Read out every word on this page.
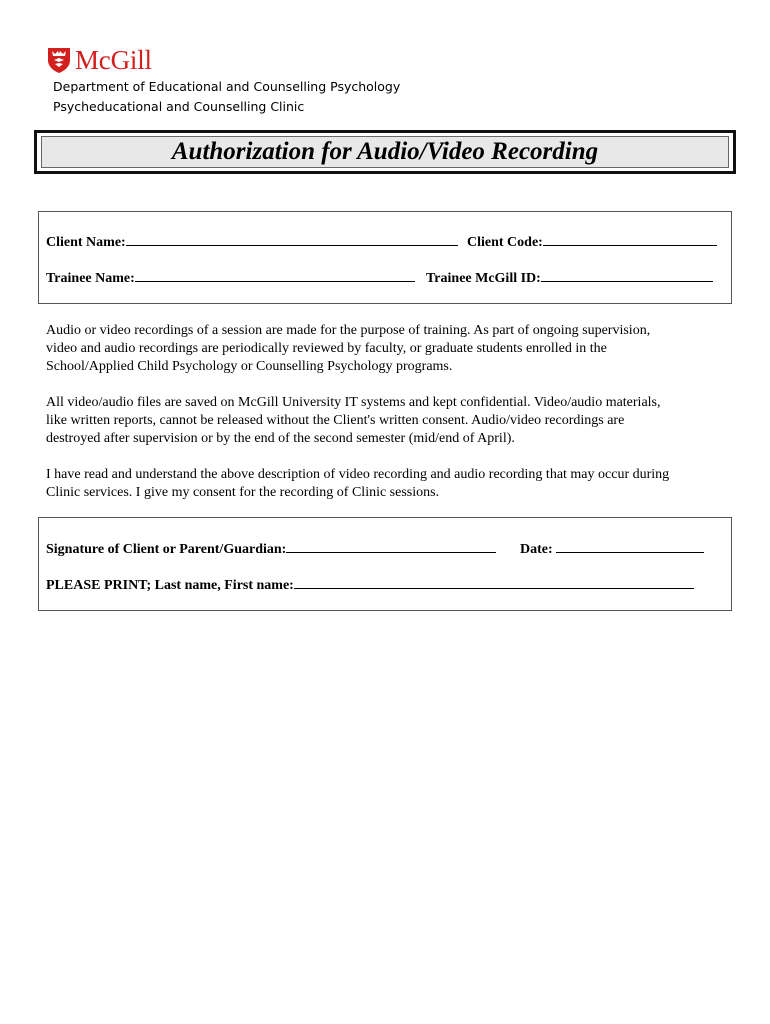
McGill
Department of Educational and Counselling Psychology
Psycheducational and Counselling Clinic
Authorization for Audio/Video Recording
Client Name:	Client Code:
Trainee Name:	Trainee McGill ID:
Audio or video recordings of a session are made for the purpose of training. As part of ongoing supervision,
video and audio recordings are periodically reviewed by faculty, or graduate students enrolled in the
School/Applied Child Psychology or Counselling Psychology programs.
All video/audio files are saved on McGill University IT systems and kept confidential. Video/audio materials,
like written reports, cannot be released without the Client's written consent. Audio/video recordings are
destroyed after supervision or by the end of the second semester (mid/end of April).
I have read and understand the above description of video recording and audio recording that may occur during
Clinic services. I give my consent for the recording of Clinic sessions.
Signature of Client or Parent/Guardian:	Date:
PLEASE PRINT; Last name, First name:
